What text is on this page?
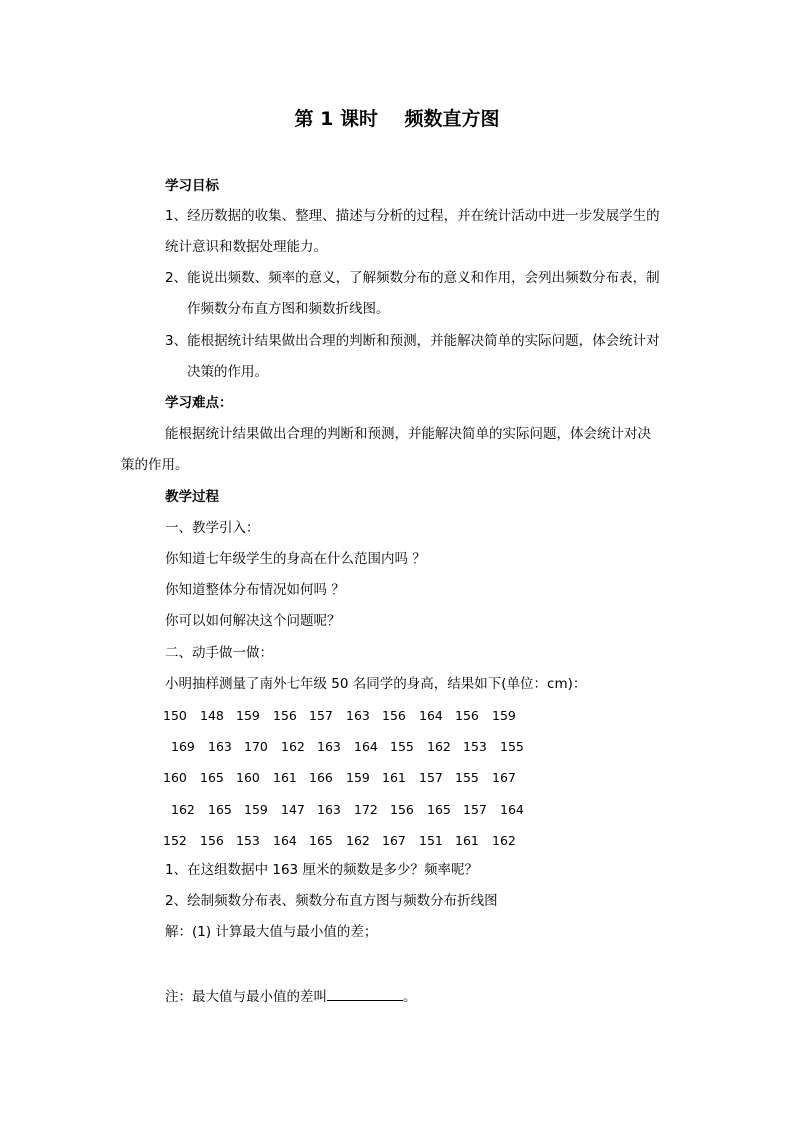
第 1 课时    频数直方图
学习目标
1、经历数据的收集、整理、描述与分析的过程，并在统计活动中进一步发展学生的
统计意识和数据处理能力。
2、能说出频数、频率的意义，了解频数分布的意义和作用，会列出频数分布表，制
作频数分布直方图和频数折线图。
3、能根据统计结果做出合理的判断和预测，并能解决简单的实际问题，体会统计对
决策的作用。
学习难点：
能根据统计结果做出合理的判断和预测，并能解决简单的实际问题，体会统计对决
策的作用。
教学过程
一、教学引入：
你知道七年级学生的身高在什么范围内吗 ？
你知道整体分布情况如何吗 ？
你可以如何解决这个问题呢？
二、动手做一做：
小明抽样测量了南外七年级 50 名同学的身高，结果如下(单位：cm)：
150 148 159 156 157 163 156 164 156 159
169 163 170 162 163 164 155 162 153 155
160 165 160 161 166 159 161 157 155 167
162 165 159 147 163 172 156 165 157 164
152 156 153 164 165 162 167 151 161 162
1、在这组数据中 163 厘米的频数是多少？频率呢？
2、绘制频数分布表、频数分布直方图与频数分布折线图
解：(1) 计算最大值与最小值的差；
注：最大值与最小值的差叫	。
